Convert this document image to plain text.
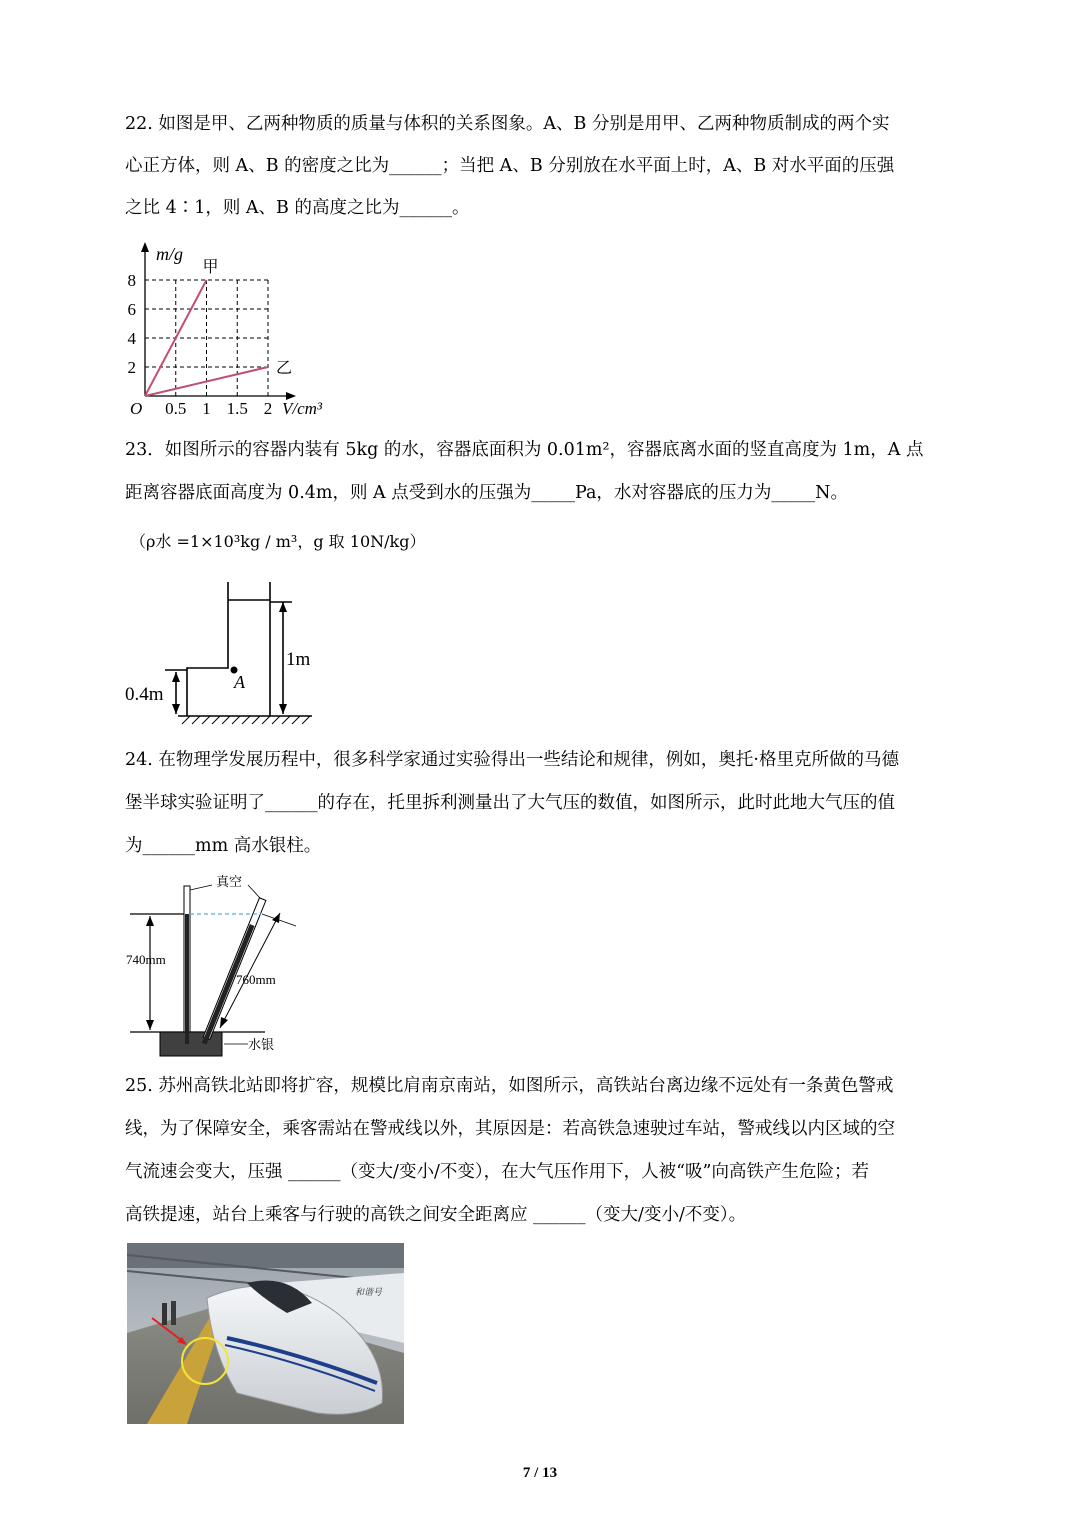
22. 如图是甲、乙两种物质的质量与体积的关系图象。A、B 分别是用甲、乙两种物质制成的两个实
心正方体，则 A、B 的密度之比为______；当把 A、B 分别放在水平面上时，A、B 对水平面的压强
之比 4∶1，则 A、B 的高度之比为______。
0.5 1 1.5 2
2
4
6
8
m/g
V/cm³
O
甲
乙
23．如图所示的容器内装有 5kg 的水，容器底面积为 0.01m²，容器底离水面的竖直高度为 1m，A 点
距离容器底面高度为 0.4m，则 A 点受到水的压强为_____Pa，水对容器底的压力为_____N。
（ρ水 =1×10³kg / m³，g 取 10N/kg）
A
1m
0.4m
24. 在物理学发展历程中，很多科学家通过实验得出一些结论和规律，例如，奥托·格里克所做的马德
堡半球实验证明了______的存在，托里拆利测量出了大气压的数值，如图所示，此时此地大气压的值
为______mm 高水银柱。
真空
740mm
760mm
水银
25. 苏州高铁北站即将扩容，规模比肩南京南站，如图所示，高铁站台离边缘不远处有一条黄色警戒
线，为了保障安全，乘客需站在警戒线以外，其原因是：若高铁急速驶过车站，警戒线以内区域的空
气流速会变大，压强 ______（变大/变小/不变），在大气压作用下，人被“吸”向高铁产生危险；若
高铁提速，站台上乘客与行驶的高铁之间安全距离应 ______（变大/变小/不变）。
和谐号
7 / 13
